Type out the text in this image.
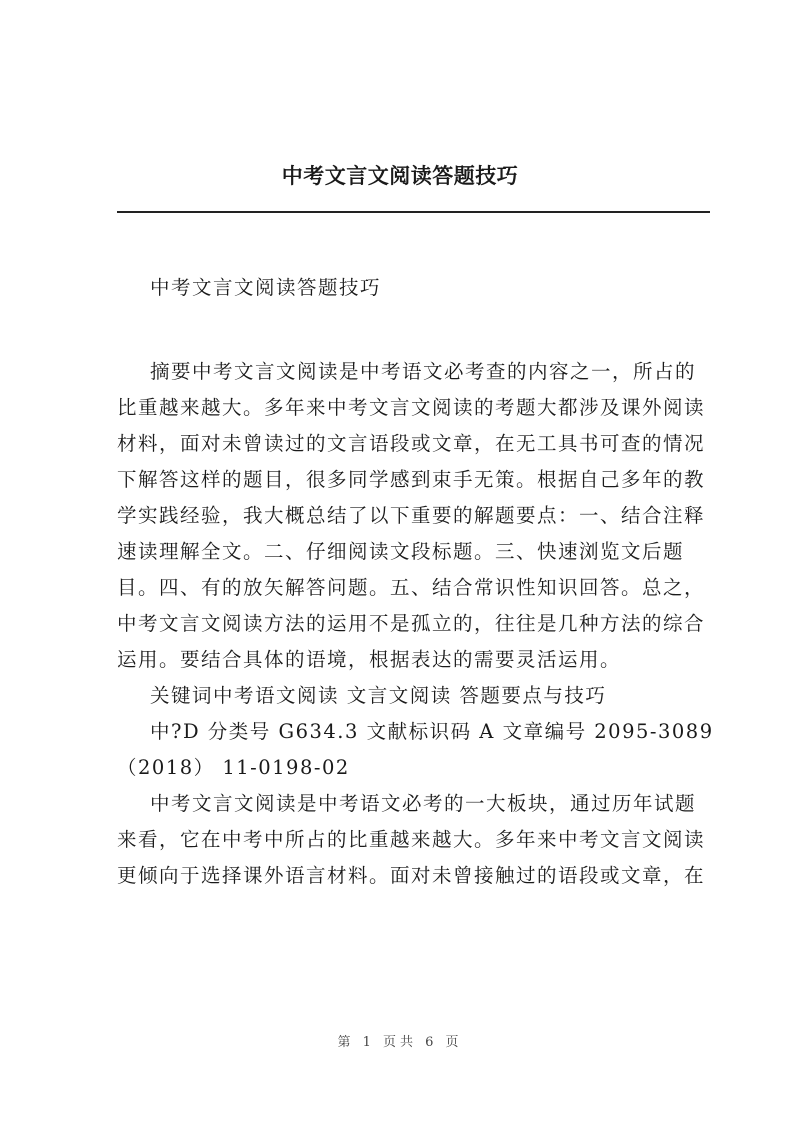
中考文言文阅读答题技巧
中考文言文阅读答题技巧
摘要中考文言文阅读是中考语文必考查的内容之一，所占的
比重越来越大。多年来中考文言文阅读的考题大都涉及课外阅读
材料，面对未曾读过的文言语段或文章，在无工具书可查的情况
下解答这样的题目，很多同学感到束手无策。根据自己多年的教
学实践经验，我大概总结了以下重要的解题要点：一、结合注释
速读理解全文。二、仔细阅读文段标题。三、快速浏览文后题
目。四、有的放矢解答问题。五、结合常识性知识回答。总之，
中考文言文阅读方法的运用不是孤立的，往往是几种方法的综合
运用。要结合具体的语境，根据表达的需要灵活运用。
关键词中考语文阅读 文言文阅读 答题要点与技巧
中?D 分类号 G634.3 文献标识码 A 文章编号 2095-3089
（2018） 11-0198-02
中考文言文阅读是中考语文必考的一大板块，通过历年试题
来看，它在中考中所占的比重越来越大。多年来中考文言文阅读
更倾向于选择课外语言材料。面对未曾接触过的语段或文章，在
第 1 页共 6 页
